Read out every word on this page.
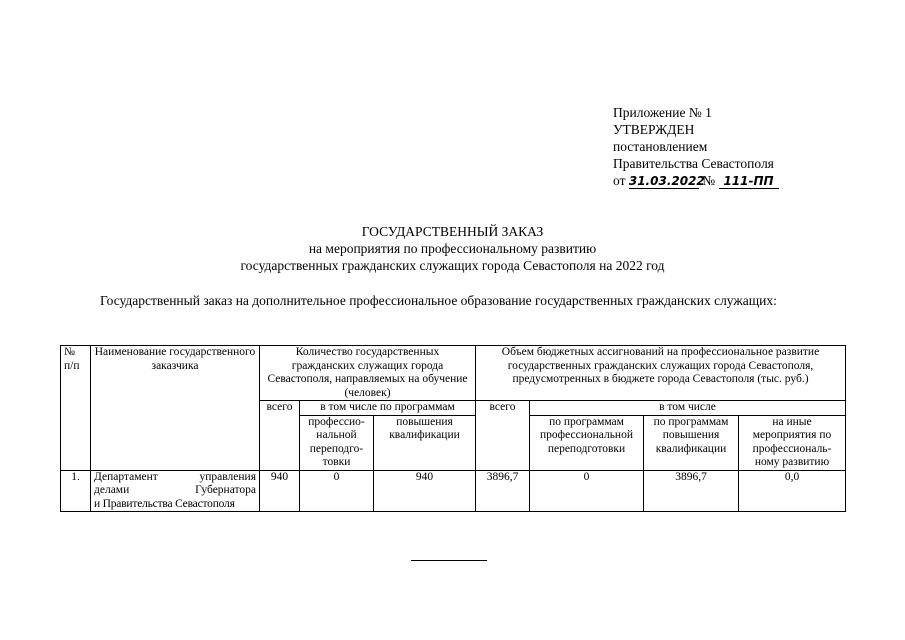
Приложение № 1
УТВЕРЖДЕН
постановлением
Правительства Севастополя
от 31.03.2022 № 111-ПП
ГОСУДАРСТВЕННЫЙ ЗАКАЗ
на мероприятия по профессиональному развитию
государственных гражданских служащих города Севастополя на 2022 год
Государственный заказ на дополнительное профессиональное образование государственных гражданских служащих:
№ п/п	Наименование государственного заказчика	Количество государственных гражданских служащих города Севастополя, направляемых на обучение (человек)			Объем бюджетных ассигнований на профессиональное развитие государственных гражданских служащих города Севастополя, предусмотренных в бюджете города Севастополя (тыс. руб.)			
		всего	в том числе по программам		всего	в том числе		
			профессио-нальной переподго-товки	повышения квалификации		по программам профессиональной переподготовки	по программам повышения квалификации	на иные мероприятия по профессиональ-ному развитию
1.	Департамент управления
делами Губернатора
и Правительства Севастополя	940	0	940	3896,7	0	3896,7	0,0
